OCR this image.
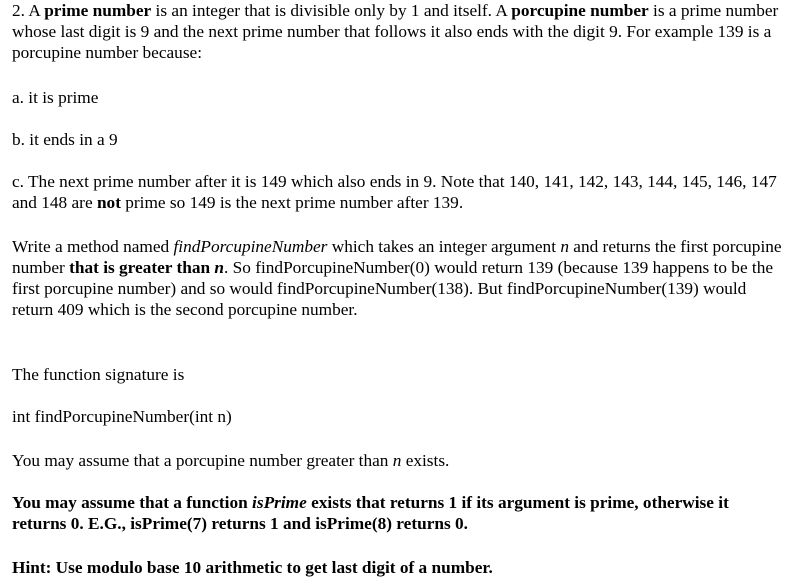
2. A prime number is an integer that is divisible only by 1 and itself. A porcupine number is a prime number whose last digit is 9 and the next prime number that follows it also ends with the digit 9. For example 139 is a porcupine number because:

a. it is prime

b. it ends in a 9

c. The next prime number after it is 149 which also ends in 9. Note that 140, 141, 142, 143, 144, 145, 146, 147 and 148 are not prime so 149 is the next prime number after 139.

Write a method named findPorcupineNumber which takes an integer argument n and returns the first porcupine number that is greater than n. So findPorcupineNumber(0) would return 139 (because 139 happens to be the first porcupine number) and so would findPorcupineNumber(138). But findPorcupineNumber(139) would return 409 which is the second porcupine number.

The function signature is

int findPorcupineNumber(int n)

You may assume that a porcupine number greater than n exists.

You may assume that a function isPrime exists that returns 1 if its argument is prime, otherwise it returns 0. E.G., isPrime(7) returns 1 and isPrime(8) returns 0.

Hint: Use modulo base 10 arithmetic to get last digit of a number.
